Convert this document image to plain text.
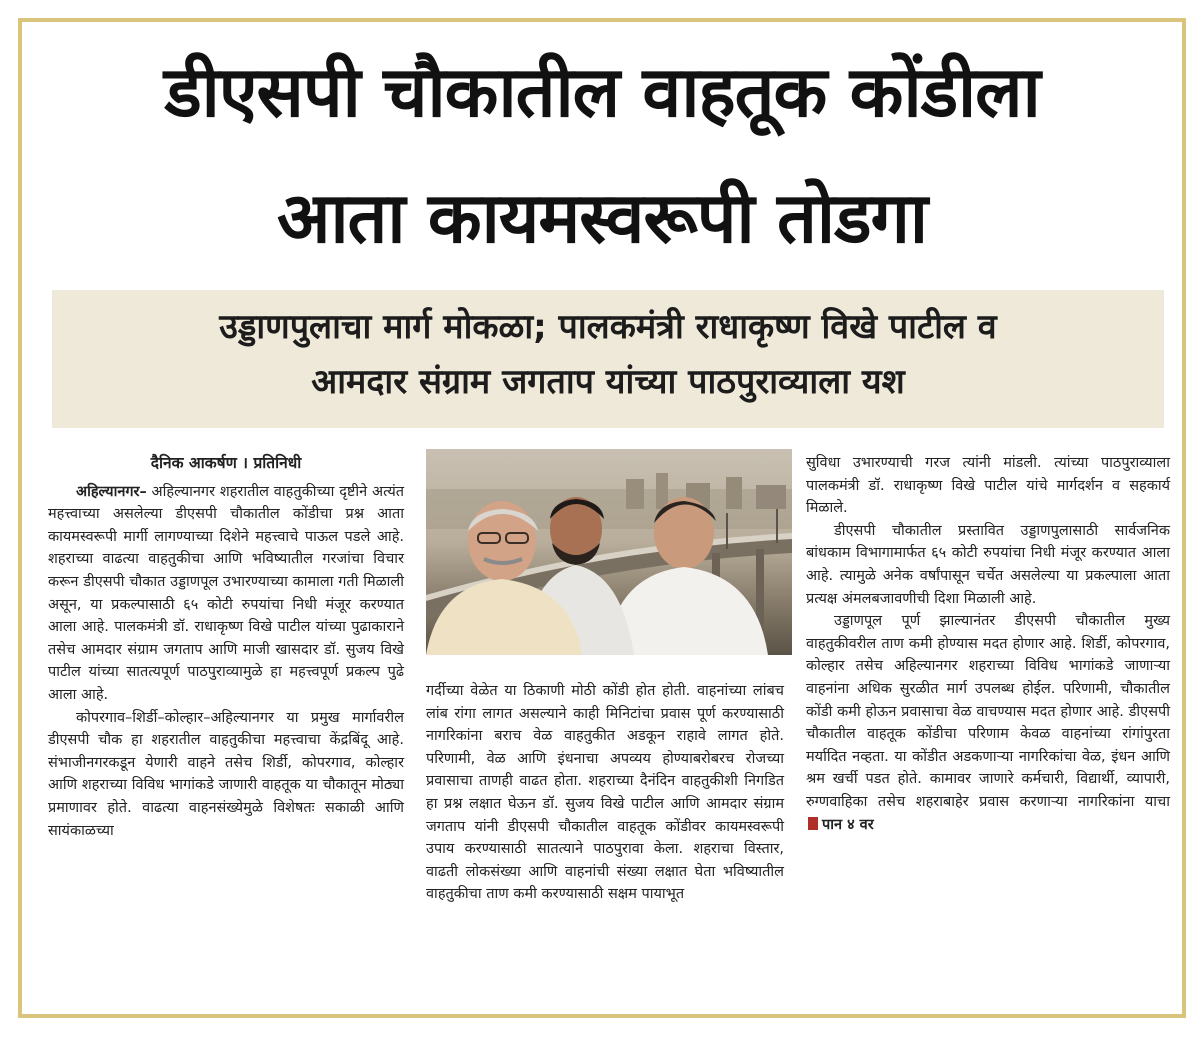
डीएसपी चौकातील वाहतूक कोंडीला
आता कायमस्वरूपी तोडगा
उड्डाणपुलाचा मार्ग मोकळा; पालकमंत्री राधाकृष्ण विखे पाटील व
आमदार संग्राम जगताप यांच्या पाठपुराव्याला यश
दैनिक आकर्षण । प्रतिनिधी

अहिल्यानगर– अहिल्यानगर शहरातील वाहतुकीच्या दृष्टीने अत्यंत महत्त्वाच्या असलेल्या डीएसपी चौकातील कोंडीचा प्रश्न आता कायमस्वरूपी मार्गी लागण्याच्या दिशेने महत्त्वाचे पाऊल पडले आहे. शहराच्या वाढत्या वाहतुकीचा आणि भविष्यातील गरजांचा विचार करून डीएसपी चौकात उड्डाणपूल उभारण्याच्या कामाला गती मिळाली असून, या प्रकल्पासाठी ६५ कोटी रुपयांचा निधी मंजूर करण्यात आला आहे. पालकमंत्री डॉ. राधाकृष्ण विखे पाटील यांच्या पुढाकाराने तसेच आमदार संग्राम जगताप आणि माजी खासदार डॉ. सुजय विखे पाटील यांच्या सातत्यपूर्ण पाठपुराव्यामुळे हा महत्त्वपूर्ण प्रकल्प पुढे आला आहे.

कोपरगाव–शिर्डी–कोल्हार–अहिल्यानगर या प्रमुख मार्गावरील डीएसपी चौक हा शहरातील वाहतुकीचा महत्त्वाचा केंद्रबिंदू आहे. संभाजीनगरकडून येणारी वाहने तसेच शिर्डी, कोपरगाव, कोल्हार आणि शहराच्या विविध भागांकडे जाणारी वाहतूक या चौकातून मोठ्या प्रमाणावर होते. वाढत्या वाहनसंख्येमुळे विशेषतः सकाळी आणि सायंकाळच्या

गर्दीच्या वेळेत या ठिकाणी मोठी कोंडी होत होती. वाहनांच्या लांबच लांब रांगा लागत असल्याने काही मिनिटांचा प्रवास पूर्ण करण्यासाठी नागरिकांना बराच वेळ वाहतुकीत अडकून राहावे लागत होते. परिणामी, वेळ आणि इंधनाचा अपव्यय होण्याबरोबरच रोजच्या प्रवासाचा ताणही वाढत होता. शहराच्या दैनंदिन वाहतुकीशी निगडित हा प्रश्न लक्षात घेऊन डॉ. सुजय विखे पाटील आणि आमदार संग्राम जगताप यांनी डीएसपी चौकातील वाहतूक कोंडीवर कायमस्वरूपी उपाय करण्यासाठी सातत्याने पाठपुरावा केला. शहराचा विस्तार, वाढती लोकसंख्या आणि वाहनांची संख्या लक्षात घेता भविष्यातील वाहतुकीचा ताण कमी करण्यासाठी सक्षम पायाभूत

सुविधा उभारण्याची गरज त्यांनी मांडली. त्यांच्या पाठपुराव्याला पालकमंत्री डॉ. राधाकृष्ण विखे पाटील यांचे मार्गदर्शन व सहकार्य मिळाले.

डीएसपी चौकातील प्रस्तावित उड्डाणपुलासाठी सार्वजनिक बांधकाम विभागामार्फत ६५ कोटी रुपयांचा निधी मंजूर करण्यात आला आहे. त्यामुळे अनेक वर्षांपासून चर्चेत असलेल्या या प्रकल्पाला आता प्रत्यक्ष अंमलबजावणीची दिशा मिळाली आहे.

उड्डाणपूल पूर्ण झाल्यानंतर डीएसपी चौकातील मुख्य वाहतुकीवरील ताण कमी होण्यास मदत होणार आहे. शिर्डी, कोपरगाव, कोल्हार तसेच अहिल्यानगर शहराच्या विविध भागांकडे जाणाऱ्या वाहनांना अधिक सुरळीत मार्ग उपलब्ध होईल. परिणामी, चौकातील कोंडी कमी होऊन प्रवासाचा वेळ वाचण्यास मदत होणार आहे. डीएसपी चौकातील वाहतूक कोंडीचा परिणाम केवळ वाहनांच्या रांगांपुरता मर्यादित नव्हता. या कोंडीत अडकणाऱ्या नागरिकांचा वेळ, इंधन आणि श्रम खर्ची पडत होते. कामावर जाणारे कर्मचारी, विद्यार्थी, व्यापारी, रुग्णवाहिका तसेच शहराबाहेर प्रवास करणाऱ्या नागरिकांना याचा पान ४ वर
